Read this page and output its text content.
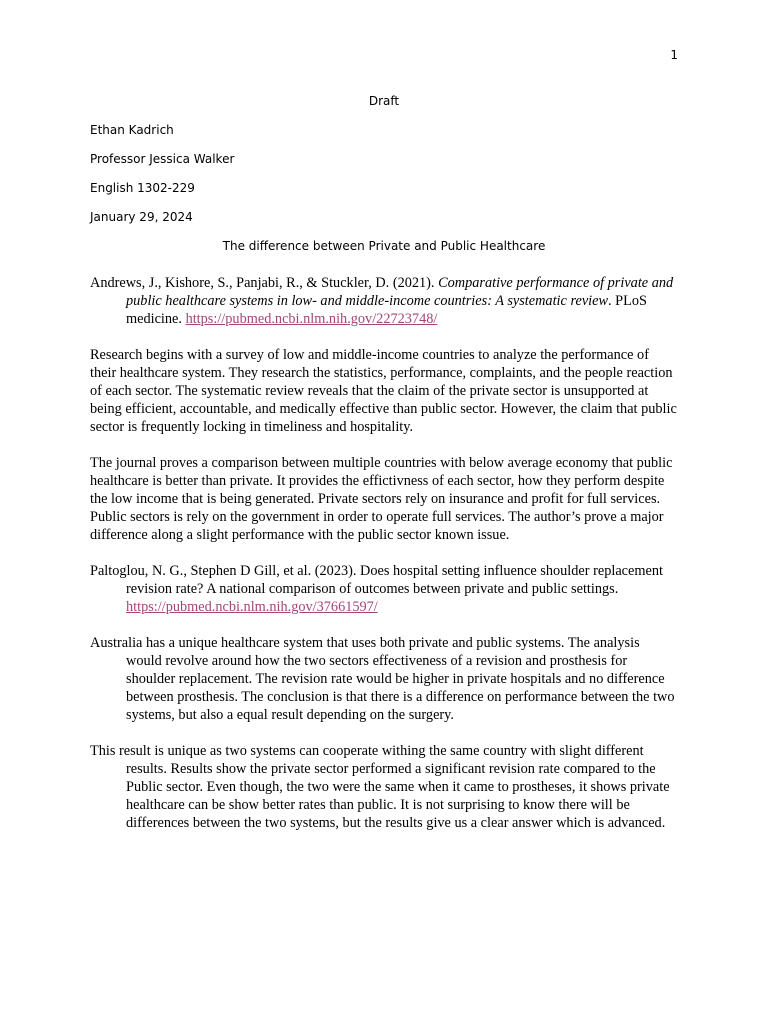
1
Draft
Ethan Kadrich
Professor Jessica Walker
English 1302-229
January 29, 2024
The difference between Private and Public Healthcare

Andrews, J., Kishore, S., Panjabi, R., & Stuckler, D. (2021). Comparative performance of private and public healthcare systems in low- and middle-income countries: A systematic review. PLoS medicine. https://pubmed.ncbi.nlm.nih.gov/22723748/

Research begins with a survey of low and middle-income countries to analyze the performance of their healthcare system. They research the statistics, performance, complaints, and the people reaction of each sector. The systematic review reveals that the claim of the private sector is unsupported at being efficient, accountable, and medically effective than public sector. However, the claim that public sector is frequently locking in timeliness and hospitality.

The journal proves a comparison between multiple countries with below average economy that public healthcare is better than private. It provides the effictivness of each sector, how they perform despite the low income that is being generated. Private sectors rely on insurance and profit for full services. Public sectors is rely on the government in order to operate full services. The author’s prove a major difference along a slight performance with the public sector known issue.

Paltoglou, N. G., Stephen D Gill, et al. (2023). Does hospital setting influence shoulder replacement revision rate? A national comparison of outcomes between private and public settings. https://pubmed.ncbi.nlm.nih.gov/37661597/

Australia has a unique healthcare system that uses both private and public systems. The analysis would revolve around how the two sectors effectiveness of a revision and prosthesis for shoulder replacement. The revision rate would be higher in private hospitals and no difference between prosthesis. The conclusion is that there is a difference on performance between the two systems, but also a equal result depending on the surgery.

This result is unique as two systems can cooperate withing the same country with slight different results. Results show the private sector performed a significant revision rate compared to the Public sector. Even though, the two were the same when it came to prostheses, it shows private healthcare can be show better rates than public. It is not surprising to know there will be differences between the two systems, but the results give us a clear answer which is advanced.
